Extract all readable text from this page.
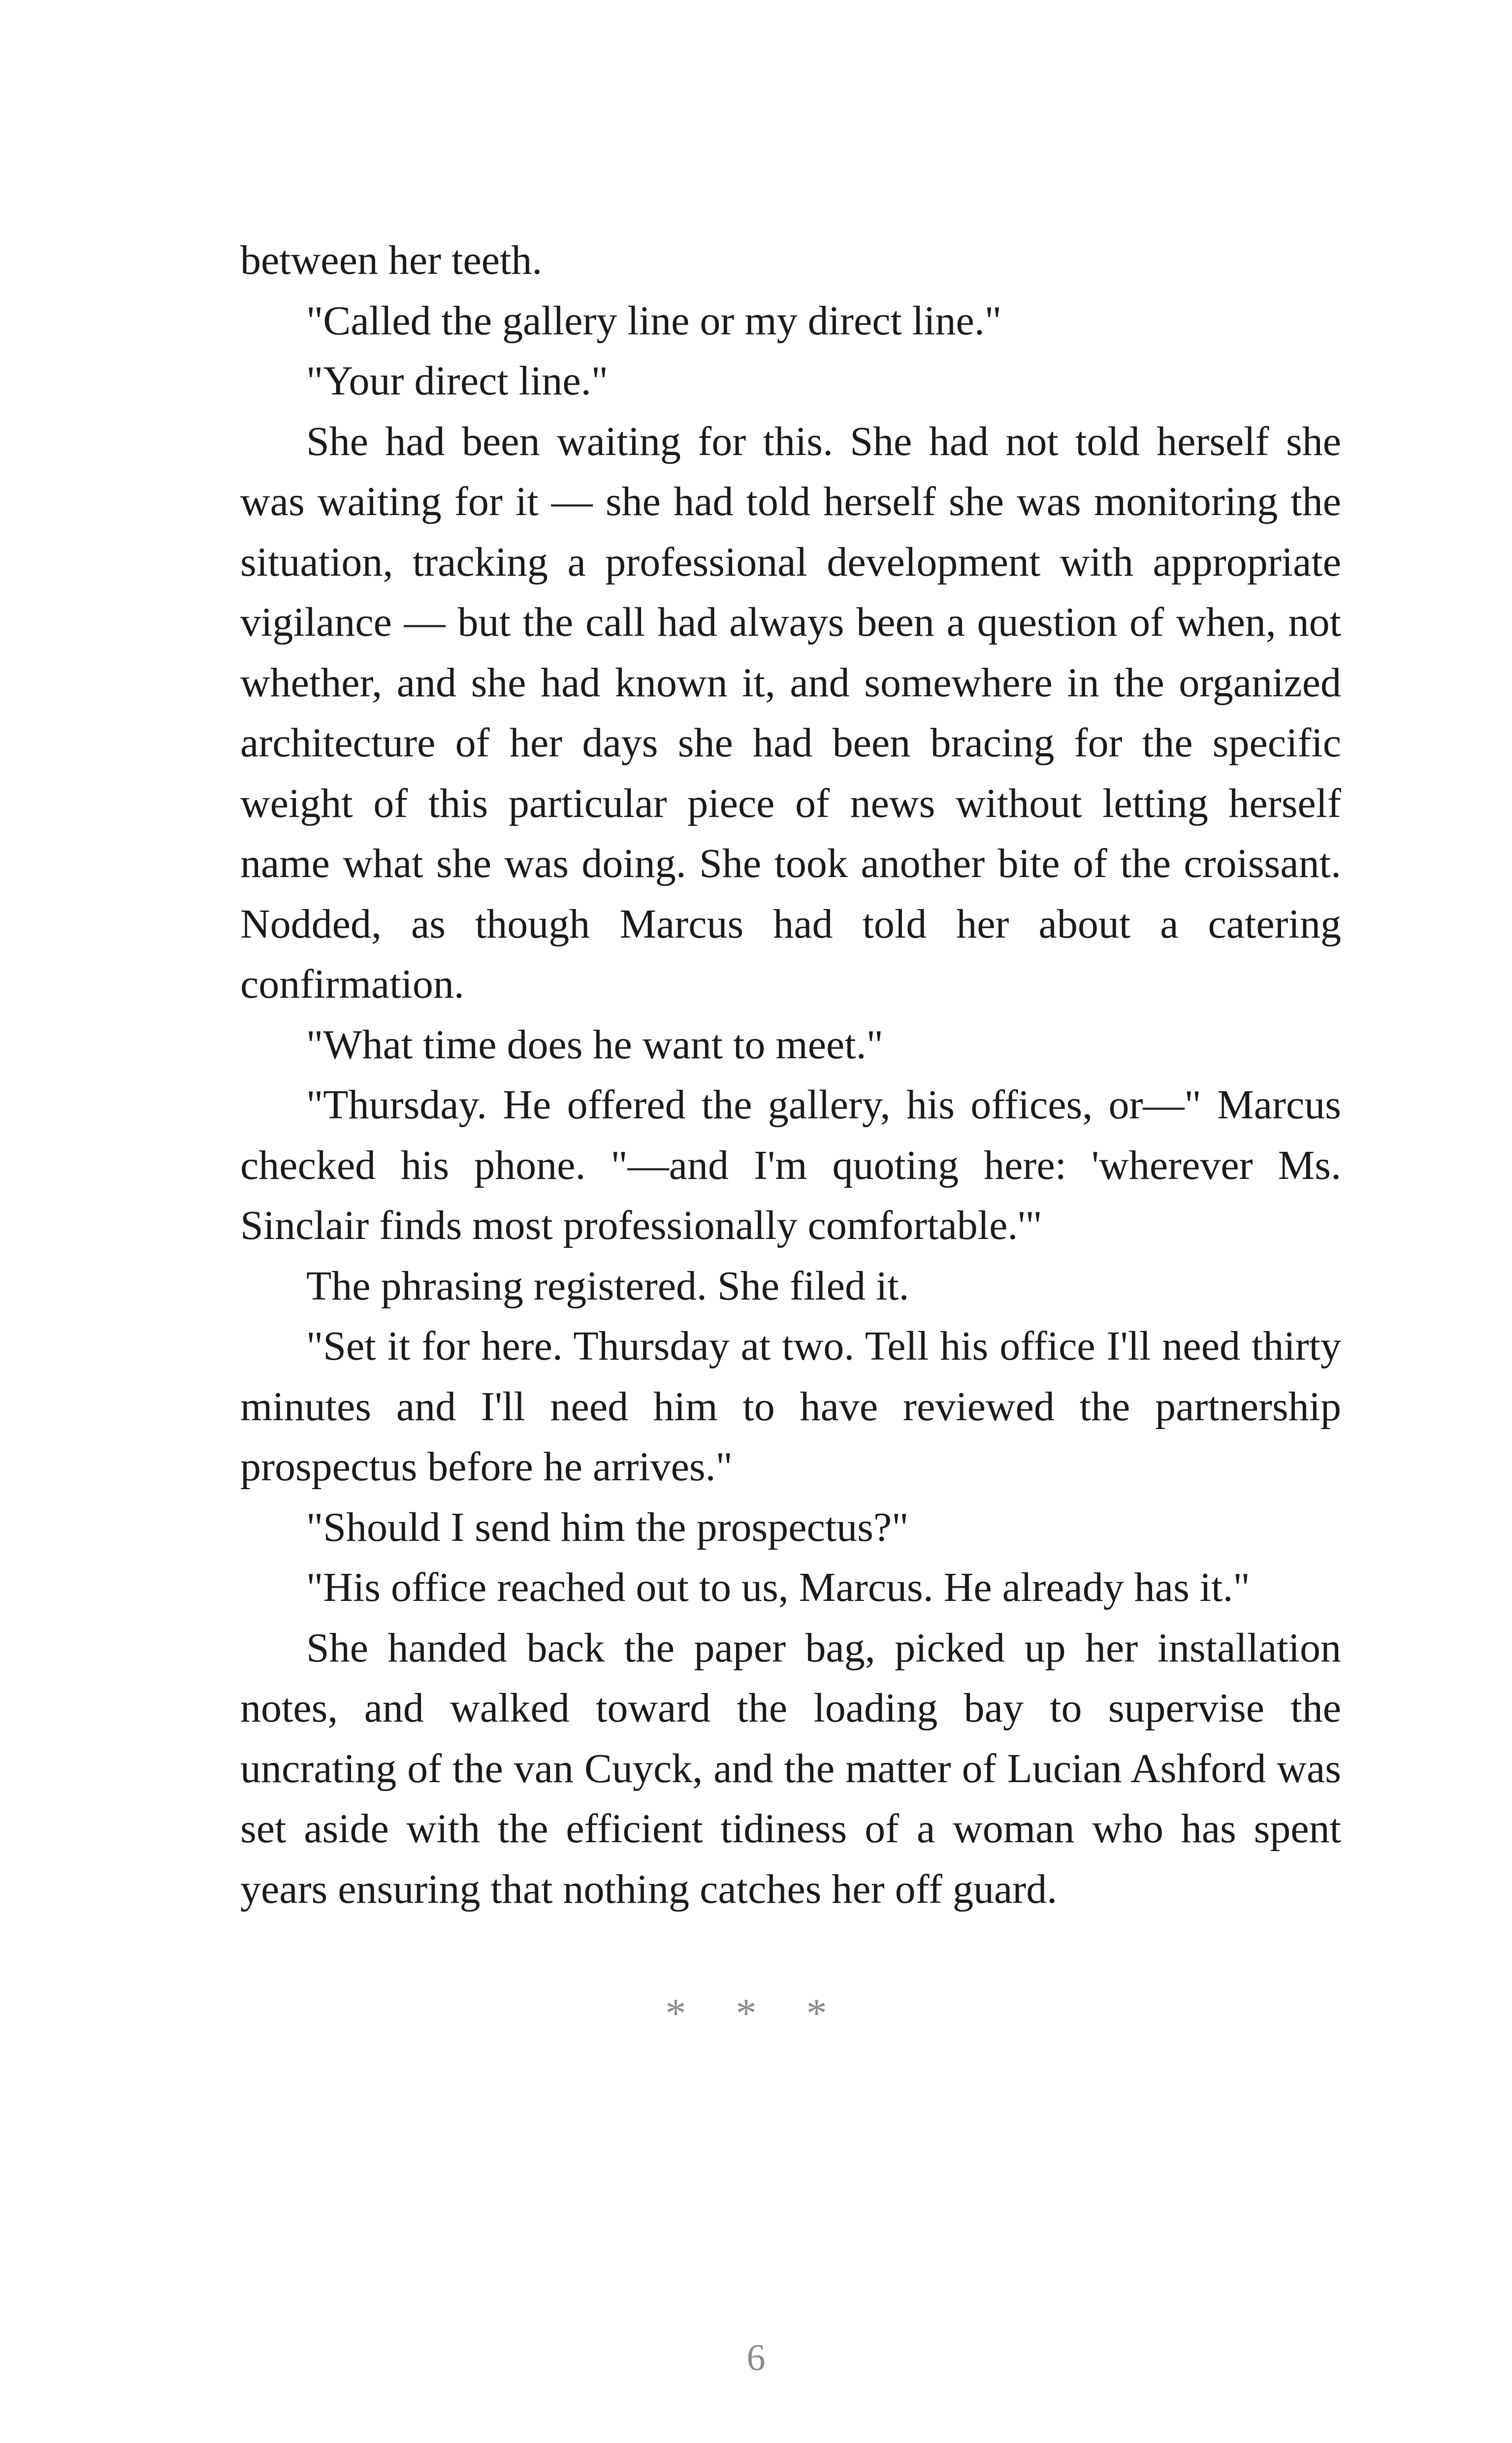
between her teeth.

"Called the gallery line or my direct line."

"Your direct line."

She had been waiting for this. She had not told herself she was waiting for it — she had told herself she was monitoring the situation, tracking a professional development with appropriate vigilance — but the call had always been a question of when, not whether, and she had known it, and somewhere in the organized architecture of her days she had been bracing for the specific weight of this particular piece of news without letting herself name what she was doing. She took another bite of the croissant. Nodded, as though Marcus had told her about a catering confirmation.

"What time does he want to meet."

"Thursday. He offered the gallery, his offices, or—" Marcus checked his phone. "—and I'm quoting here: 'wherever Ms. Sinclair finds most professionally comfortable.'"

The phrasing registered. She filed it.

"Set it for here. Thursday at two. Tell his office I'll need thirty minutes and I'll need him to have reviewed the partnership prospectus before he arrives."

"Should I send him the prospectus?"

"His office reached out to us, Marcus. He already has it."

She handed back the paper bag, picked up her installation notes, and walked toward the loading bay to supervise the uncrating of the van Cuyck, and the matter of Lucian Ashford was set aside with the efficient tidiness of a woman who has spent years ensuring that nothing catches her off guard.

* * *
6
